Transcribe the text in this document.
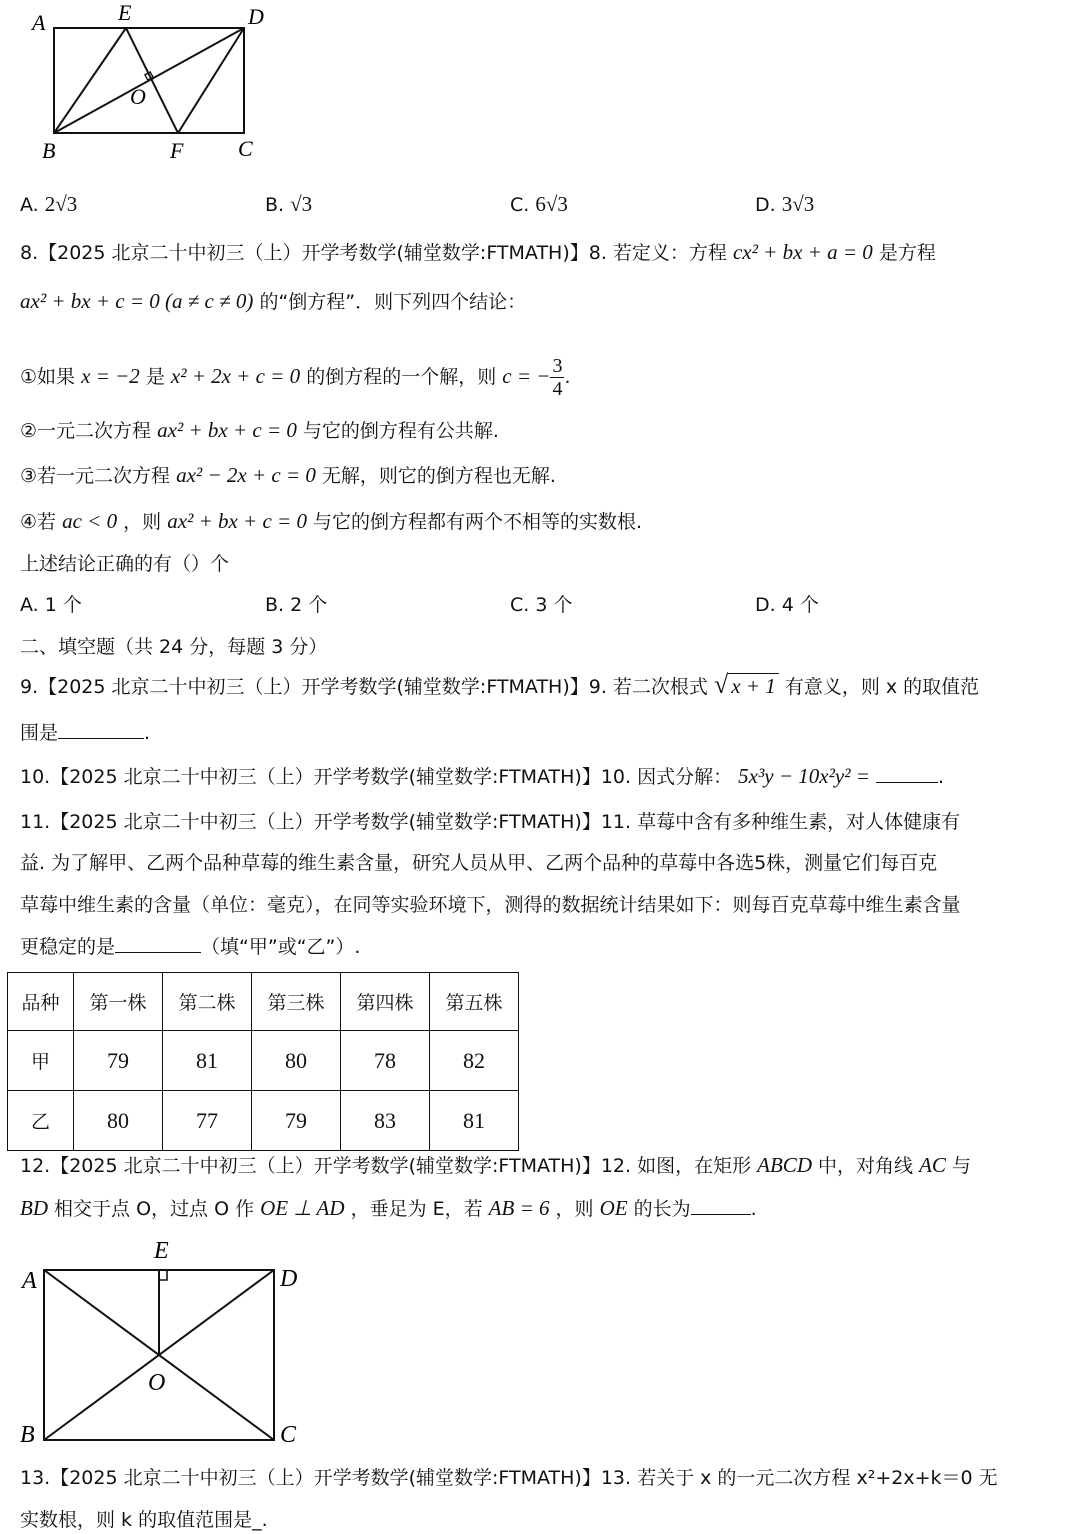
A	E	D
O
B	F C
A. 2√3	B. √3	C. 6√3	D. 3√3
8.【2025 北京二十中初三（上）开学考数学(辅堂数学:FTMATH)】8. 若定义：方程 cx² + bx + a = 0 是方程
ax² + bx + c = 0 (a ≠ c ≠ 0) 的“倒方程”．则下列四个结论：
①如果 x = −2 是 x² + 2x + c = 0 的倒方程的一个解，则 c = − $\frac{3}{4}$ .
②一元二次方程 ax² + bx + c = 0 与它的倒方程有公共解.
③若一元二次方程 ax² − 2x + c = 0 无解，则它的倒方程也无解.
④若 ac < 0 ，则 ax² + bx + c = 0 与它的倒方程都有两个不相等的实数根.
上述结论正确的有（）个
A. 1 个	B. 2 个	C. 3 个	D. 4 个
二、填空题（共 24 分，每题 3 分）
9.【2025 北京二十中初三（上）开学考数学(辅堂数学:FTMATH)】9. 若二次根式 √ x + 1 有意义，则 x 的取值范
围是	.
10.【2025 北京二十中初三（上）开学考数学(辅堂数学:FTMATH)】10. 因式分解： 5x³y − 10x²y² =	.
11.【2025 北京二十中初三（上）开学考数学(辅堂数学:FTMATH)】11. 草莓中含有多种维生素，对人体健康有
益. 为了解甲、乙两个品种草莓的维生素含量，研究人员从甲、乙两个品种的草莓中各选5株，测量它们每百克
草莓中维生素的含量（单位：毫克），在同等实验环境下，测得的数据统计结果如下：则每百克草莓中维生素含量
更稳定的是	（填“甲”或“乙”）.
品种	第一株	第二株	第三株	第四株	第五株
甲	79	81	80	78	82
乙	80	77	79	83	81
12.【2025 北京二十中初三（上）开学考数学(辅堂数学:FTMATH)】12. 如图，在矩形 ABCD 中，对角线 AC 与
BD 相交于点 O，过点 O 作 OE ⊥ AD ，垂足为 E，若 AB = 6 ，则 OE 的长为	.
A
E
D
O
B	C
13.【2025 北京二十中初三（上）开学考数学(辅堂数学:FTMATH)】13. 若关于 x 的一元二次方程 x²+2x+k＝0 无
实数根，则 k 的取值范围是_.
